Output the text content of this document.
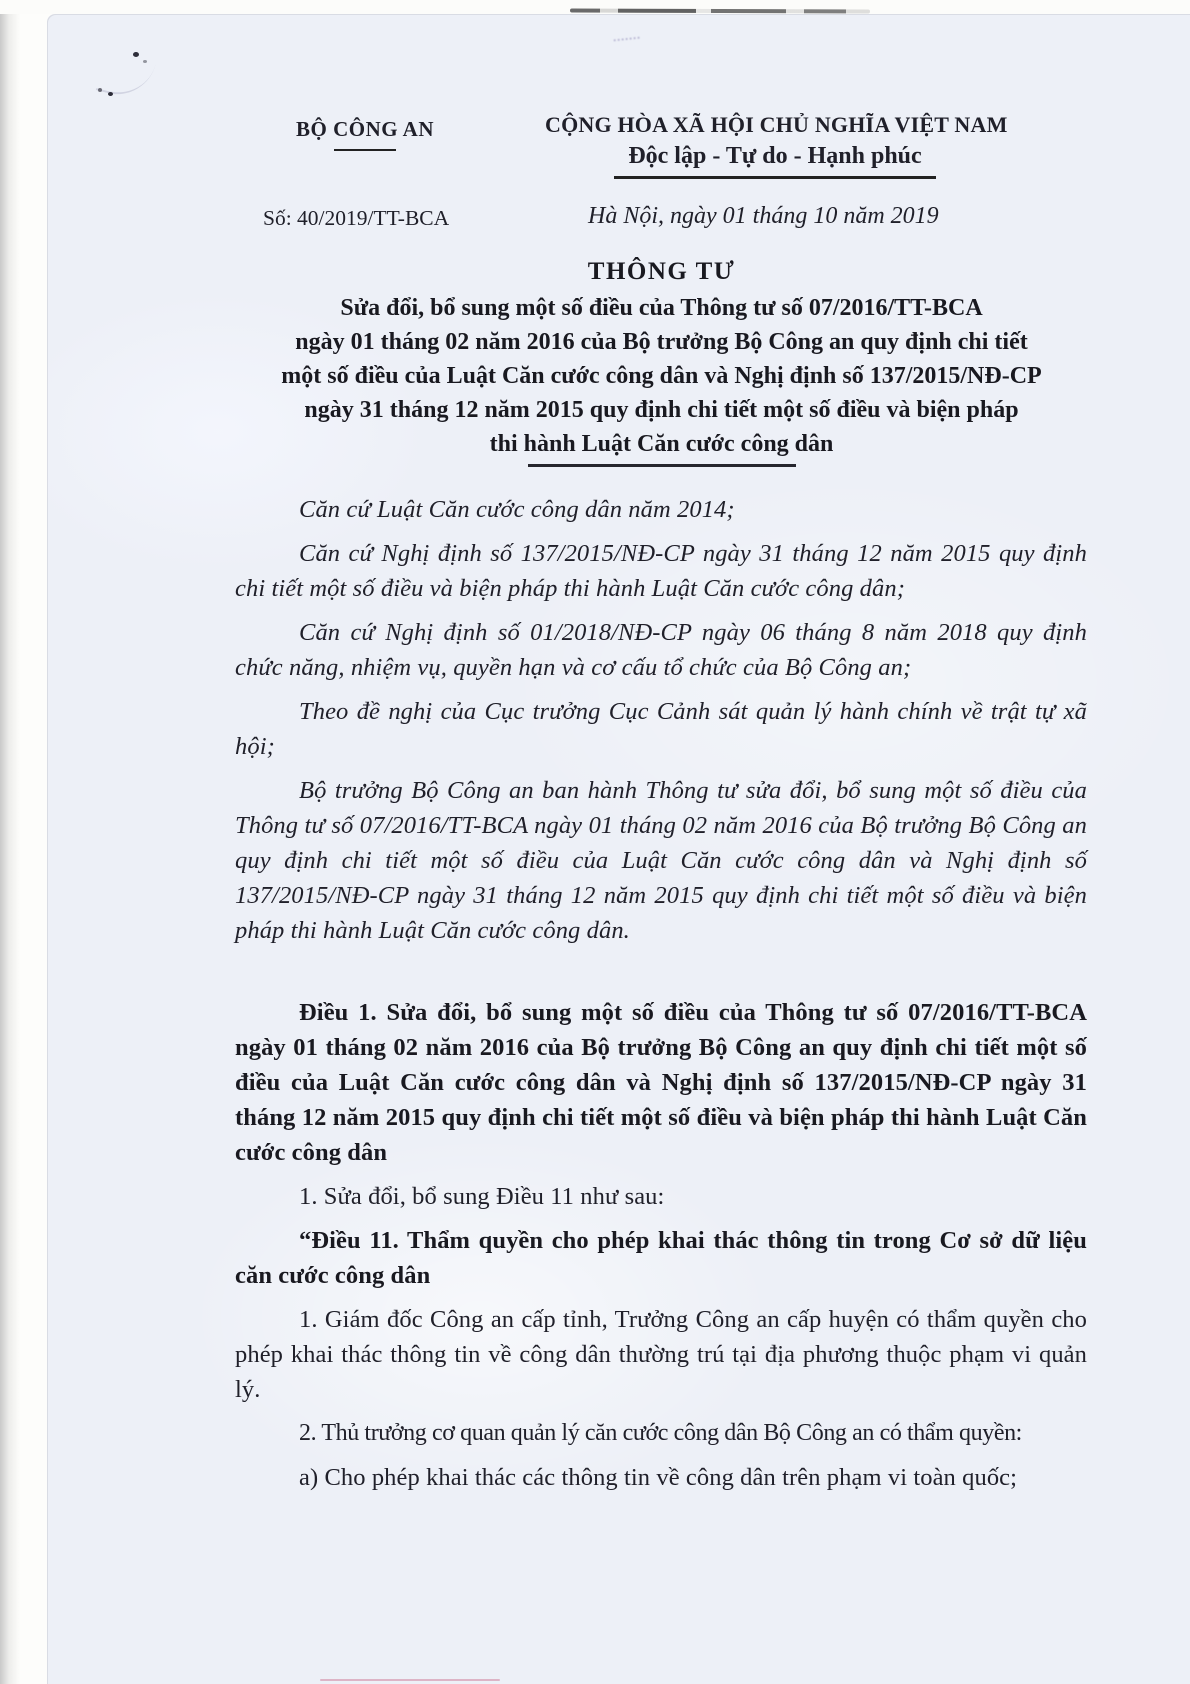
BỘ CÔNG AN
Số: 40/2019/TT-BCA
CỘNG HÒA XÃ HỘI CHỦ NGHĨA VIỆT NAM
Độc lập - Tự do - Hạnh phúc
Hà Nội, ngày 01 tháng 10 năm 2019
THÔNG TƯ
Sửa đổi, bổ sung một số điều của Thông tư số 07/2016/TT-BCA
ngày 01 tháng 02 năm 2016 của Bộ trưởng Bộ Công an quy định chi tiết
một số điều của Luật Căn cước công dân và Nghị định số 137/2015/NĐ-CP
ngày 31 tháng 12 năm 2015 quy định chi tiết một số điều và biện pháp
thi hành Luật Căn cước công dân

Căn cứ Luật Căn cước công dân năm 2014;

Căn cứ Nghị định số 137/2015/NĐ-CP ngày 31 tháng 12 năm 2015 quy định chi tiết một số điều và biện pháp thi hành Luật Căn cước công dân;

Căn cứ Nghị định số 01/2018/NĐ-CP ngày 06 tháng 8 năm 2018 quy định chức năng, nhiệm vụ, quyền hạn và cơ cấu tổ chức của Bộ Công an;

Theo đề nghị của Cục trưởng Cục Cảnh sát quản lý hành chính về trật tự xã hội;

Bộ trưởng Bộ Công an ban hành Thông tư sửa đổi, bổ sung một số điều của Thông tư số 07/2016/TT-BCA ngày 01 tháng 02 năm 2016 của Bộ trưởng Bộ Công an quy định chi tiết một số điều của Luật Căn cước công dân và Nghị định số 137/2015/NĐ-CP ngày 31 tháng 12 năm 2015 quy định chi tiết một số điều và biện pháp thi hành Luật Căn cước công dân.

Điều 1. Sửa đổi, bổ sung một số điều của Thông tư số 07/2016/TT-BCA ngày 01 tháng 02 năm 2016 của Bộ trưởng Bộ Công an quy định chi tiết một số điều của Luật Căn cước công dân và Nghị định số 137/2015/NĐ-CP ngày 31 tháng 12 năm 2015 quy định chi tiết một số điều và biện pháp thi hành Luật Căn cước công dân

1. Sửa đổi, bổ sung Điều 11 như sau:

“Điều 11. Thẩm quyền cho phép khai thác thông tin trong Cơ sở dữ liệu căn cước công dân

1. Giám đốc Công an cấp tỉnh, Trưởng Công an cấp huyện có thẩm quyền cho phép khai thác thông tin về công dân thường trú tại địa phương thuộc phạm vi quản lý.

2. Thủ trưởng cơ quan quản lý căn cước công dân Bộ Công an có thẩm quyền:

a) Cho phép khai thác các thông tin về công dân trên phạm vi toàn quốc;
